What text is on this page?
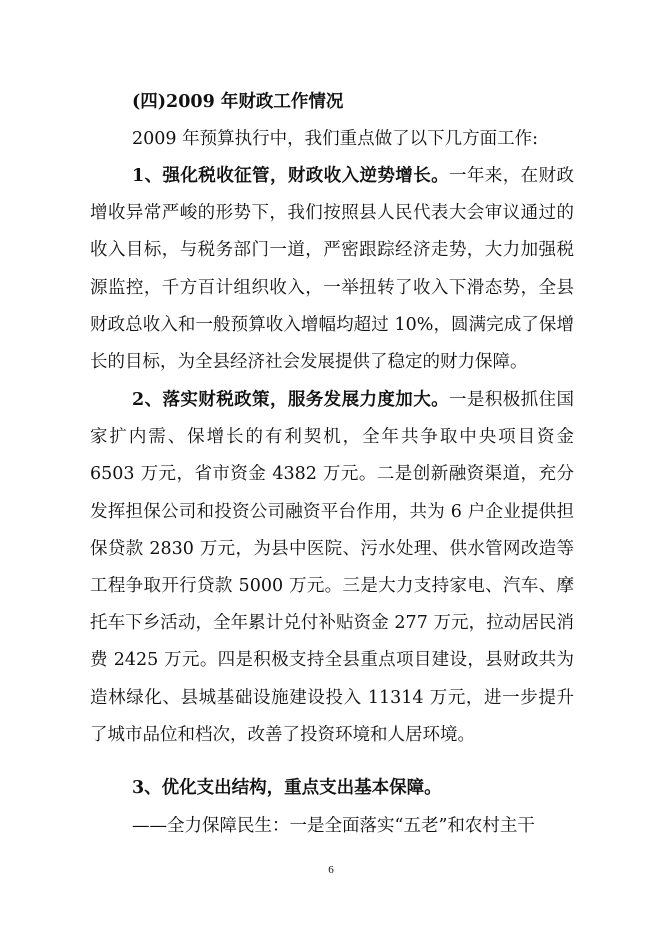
(四)2009 年财政工作情况

2009 年预算执行中，我们重点做了以下几方面工作:

1、强化税收征管，财政收入逆势增长。一年来，在财政增收异常严峻的形势下，我们按照县人民代表大会审议通过的收入目标，与税务部门一道，严密跟踪经济走势，大力加强税源监控，千方百计组织收入，一举扭转了收入下滑态势，全县财政总收入和一般预算收入增幅均超过 10%，圆满完成了保增长的目标，为全县经济社会发展提供了稳定的财力保障。

2、落实财税政策，服务发展力度加大。一是积极抓住国家扩内需、保增长的有利契机，全年共争取中央项目资金 6503 万元，省市资金 4382 万元。二是创新融资渠道，充分发挥担保公司和投资公司融资平台作用，共为 6 户企业提供担保贷款 2830 万元，为县中医院、污水处理、供水管网改造等工程争取开行贷款 5000 万元。三是大力支持家电、汽车、摩托车下乡活动，全年累计兑付补贴资金 277 万元，拉动居民消费 2425 万元。四是积极支持全县重点项目建设，县财政共为造林绿化、县城基础设施建设投入 11314 万元，进一步提升了城市品位和档次，改善了投资环境和人居环境。

3、优化支出结构，重点支出基本保障。

——全力保障民生：一是全面落实“五老”和农村主干

6
